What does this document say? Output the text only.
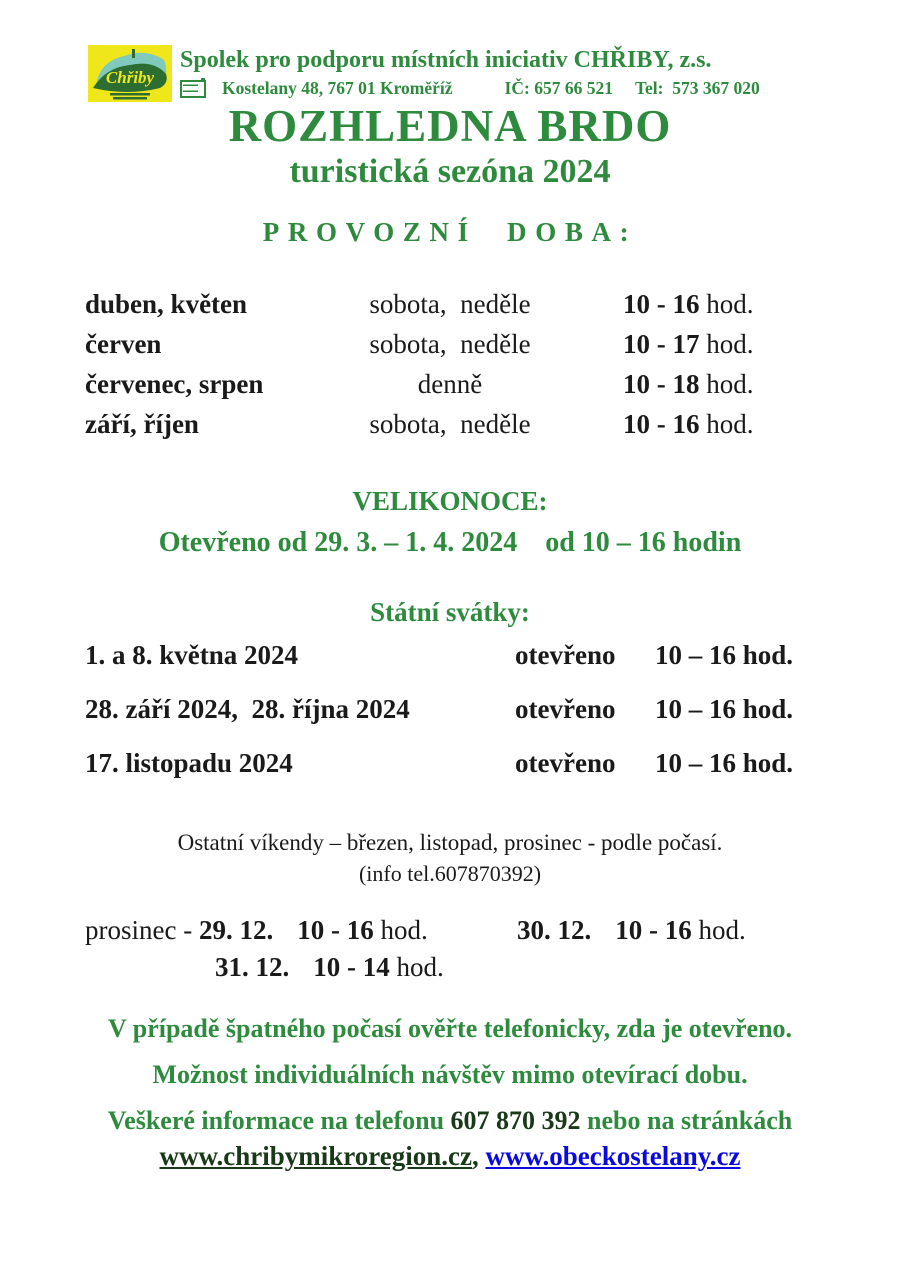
Chřiby
Spolek pro podporu místních iniciativ CHŘIBY, z.s.
Kostelany 48, 767 01 Kroměříž	IČ: 657 66 521 Tel:  573 367 020
ROZHLEDNA BRDO
turistická sezóna 2024
PROVOZNÍ DOBA:
duben, květen	sobota,  neděle	10 - 16 hod.
červen	sobota,  neděle	10 - 17 hod.
červenec, srpen	denně	10 - 18 hod.
září, říjen	sobota,  neděle	10 - 16 hod.
VELIKONOCE:
Otevřeno od 29. 3. – 1. 4. 2024    od 10 – 16 hodin
Státní svátky:
1. a 8. května 2024	otevřeno	10 – 16 hod.
28. září 2024,  28. října 2024	otevřeno	10 – 16 hod.
17. listopadu 2024	otevřeno	10 – 16 hod.
Ostatní víkendy – březen, listopad, prosinec - podle počasí.
(info tel.607870392)
prosinec - 29. 12. 10 - 16 hod.	30. 12. 10 - 16 hod.
31. 12. 10 - 14 hod.
V případě špatného počasí ověřte telefonicky, zda je otevřeno.
Možnost individuálních návštěv mimo otevírací dobu.
Veškeré informace na telefonu 607 870 392 nebo na stránkách
www.chribymikroregion.cz, www.obeckostelany.cz
